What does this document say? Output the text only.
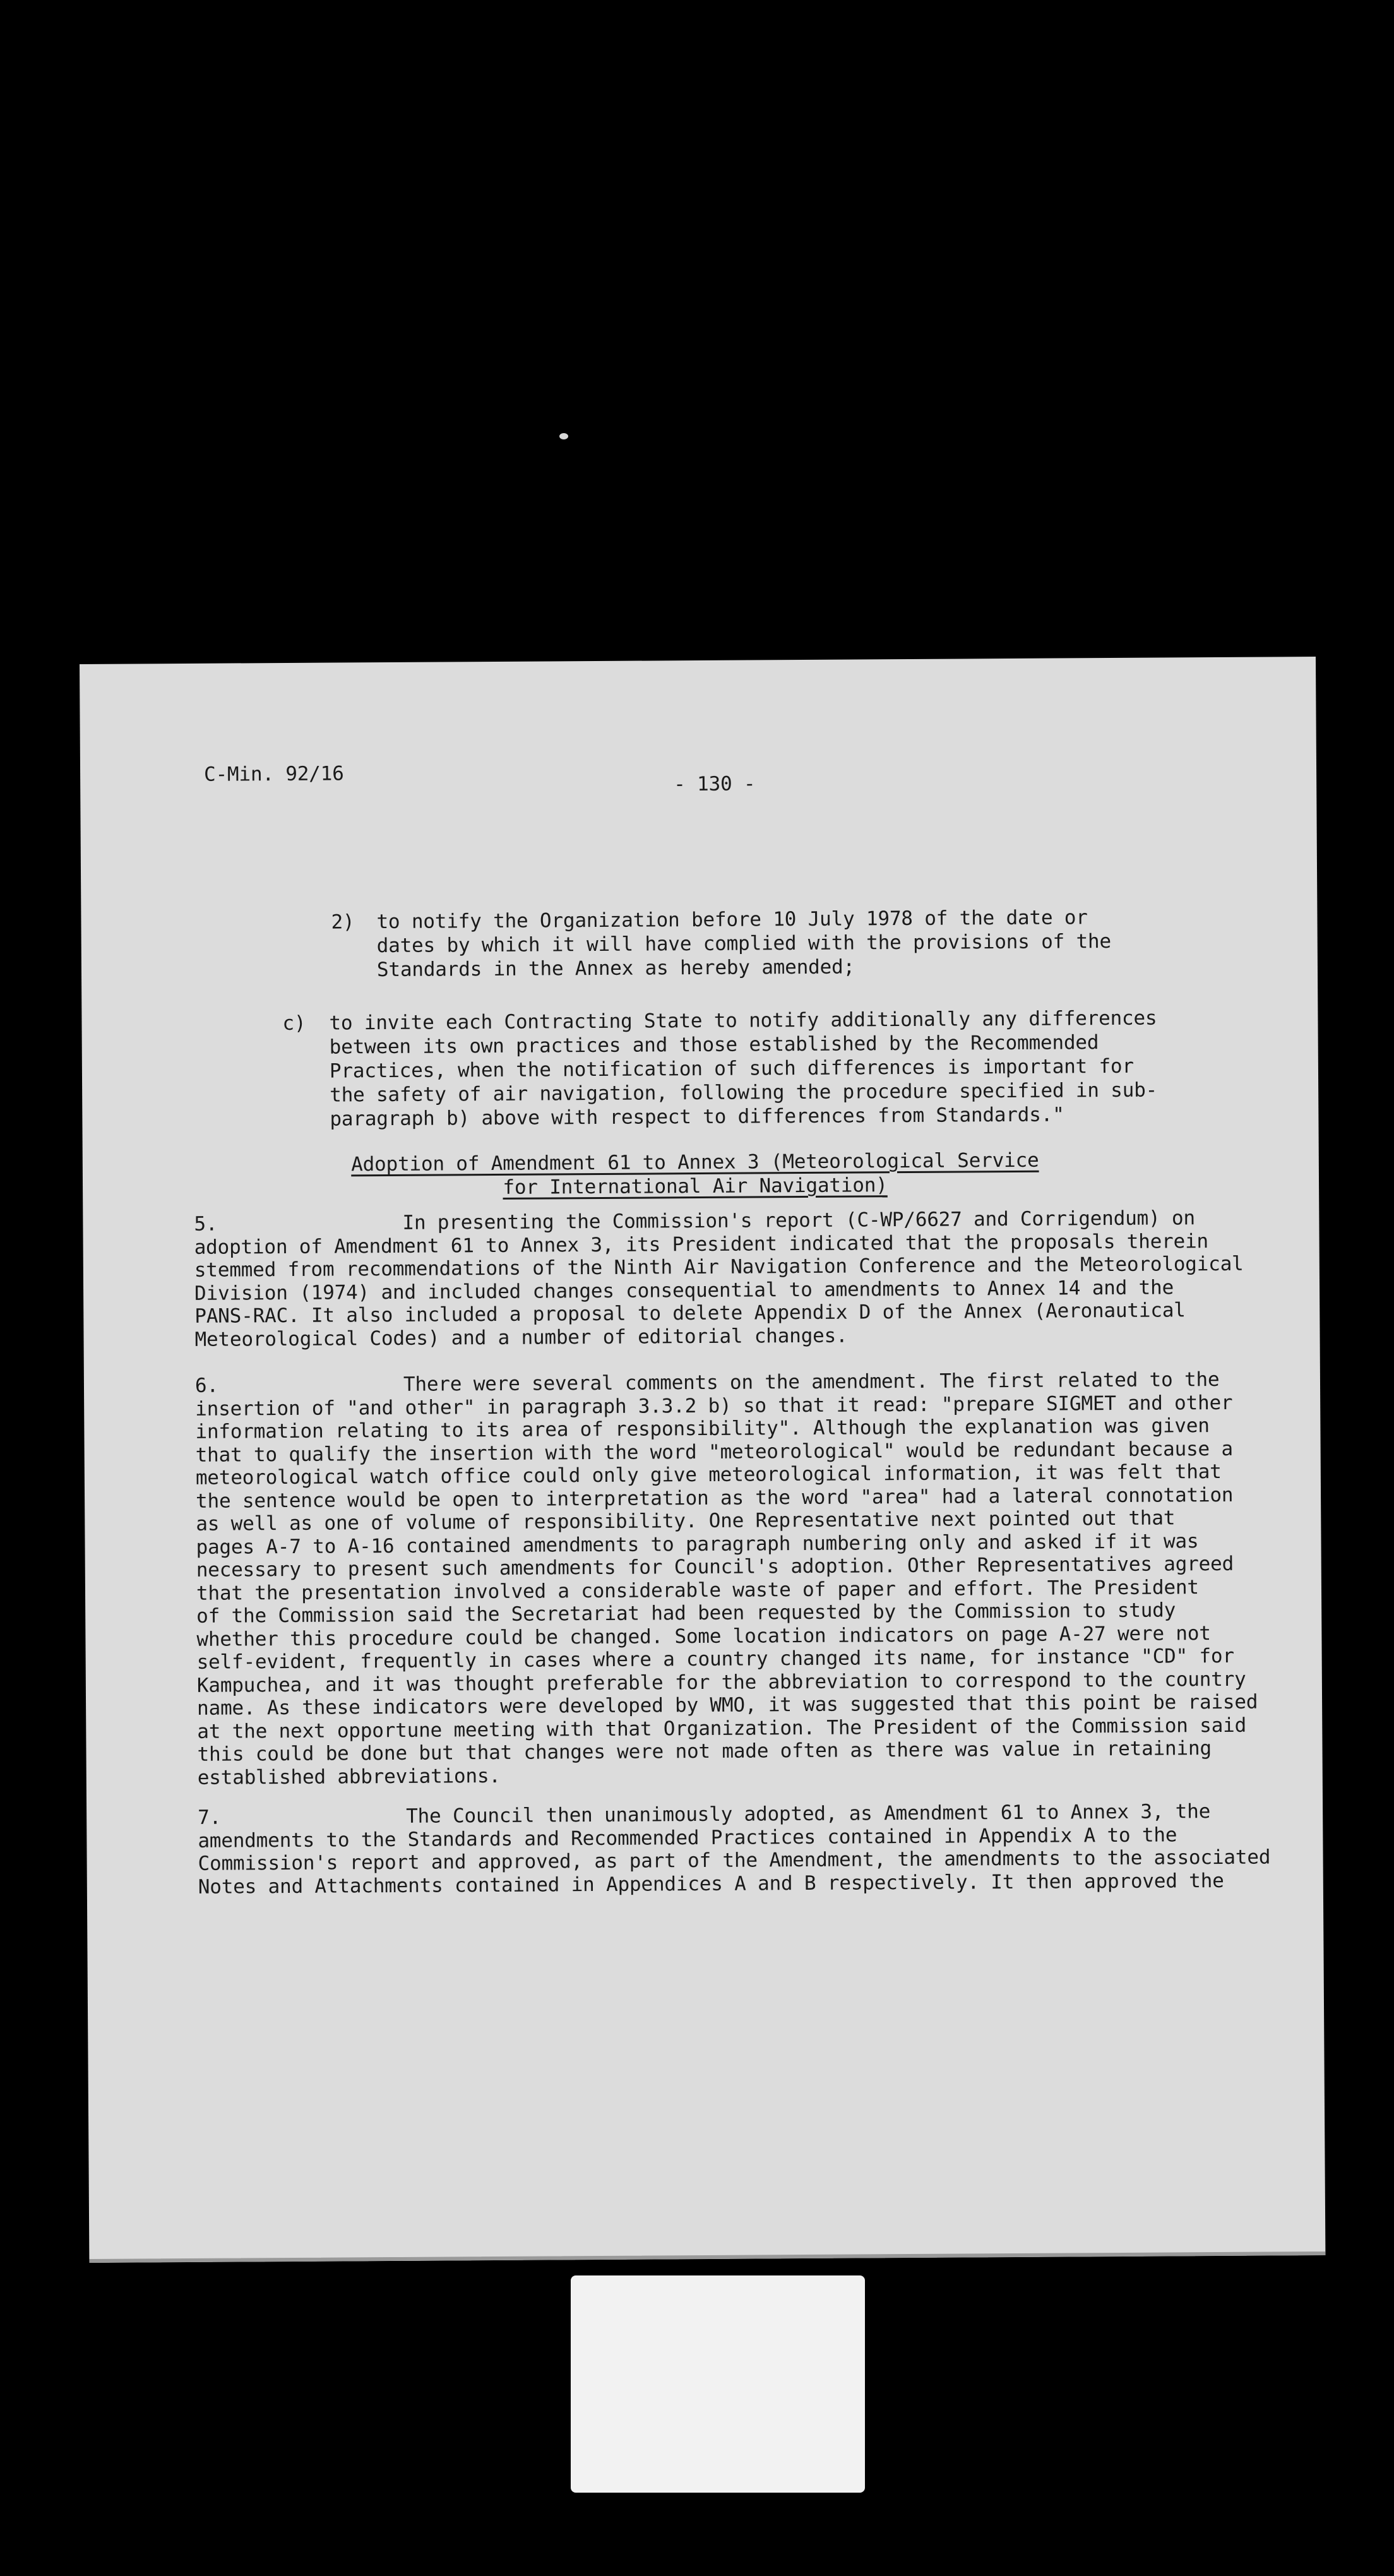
C-Min. 92/16	- 130 -
2)	to notify the Organization before 10 July 1978 of the date or
dates by which it will have complied with the provisions of the
Standards in the Annex as hereby amended;
c)	to invite each Contracting State to notify additionally any differences
between its own practices and those established by the Recommended
Practices, when the notification of such differences is important for
the safety of air navigation, following the procedure specified in sub-
paragraph b) above with respect to differences from Standards."
Adoption of Amendment 61 to Annex 3 (Meteorological Service
for International Air Navigation)
5.	In presenting the Commission's report (C-WP/6627 and Corrigendum) on
adoption of Amendment 61 to Annex 3, its President indicated that the proposals therein
stemmed from recommendations of the Ninth Air Navigation Conference and the Meteorological
Division (1974) and included changes consequential to amendments to Annex 14 and the
PANS-RAC. It also included a proposal to delete Appendix D of the Annex (Aeronautical
Meteorological Codes) and a number of editorial changes.
6.	There were several comments on the amendment. The first related to the
insertion of "and other" in paragraph 3.3.2 b) so that it read: "prepare SIGMET and other
information relating to its area of responsibility". Although the explanation was given
that to qualify the insertion with the word "meteorological" would be redundant because a
meteorological watch office could only give meteorological information, it was felt that
the sentence would be open to interpretation as the word "area" had a lateral connotation
as well as one of volume of responsibility. One Representative next pointed out that
pages A-7 to A-16 contained amendments to paragraph numbering only and asked if it was
necessary to present such amendments for Council's adoption. Other Representatives agreed
that the presentation involved a considerable waste of paper and effort. The President
of the Commission said the Secretariat had been requested by the Commission to study
whether this procedure could be changed. Some location indicators on page A-27 were not
self-evident, frequently in cases where a country changed its name, for instance "CD" for
Kampuchea, and it was thought preferable for the abbreviation to correspond to the country
name. As these indicators were developed by WMO, it was suggested that this point be raised
at the next opportune meeting with that Organization. The President of the Commission said
this could be done but that changes were not made often as there was value in retaining
established abbreviations.
7.	The Council then unanimously adopted, as Amendment 61 to Annex 3, the
amendments to the Standards and Recommended Practices contained in Appendix A to the
Commission's report and approved, as part of the Amendment, the amendments to the associated
Notes and Attachments contained in Appendices A and B respectively. It then approved the
